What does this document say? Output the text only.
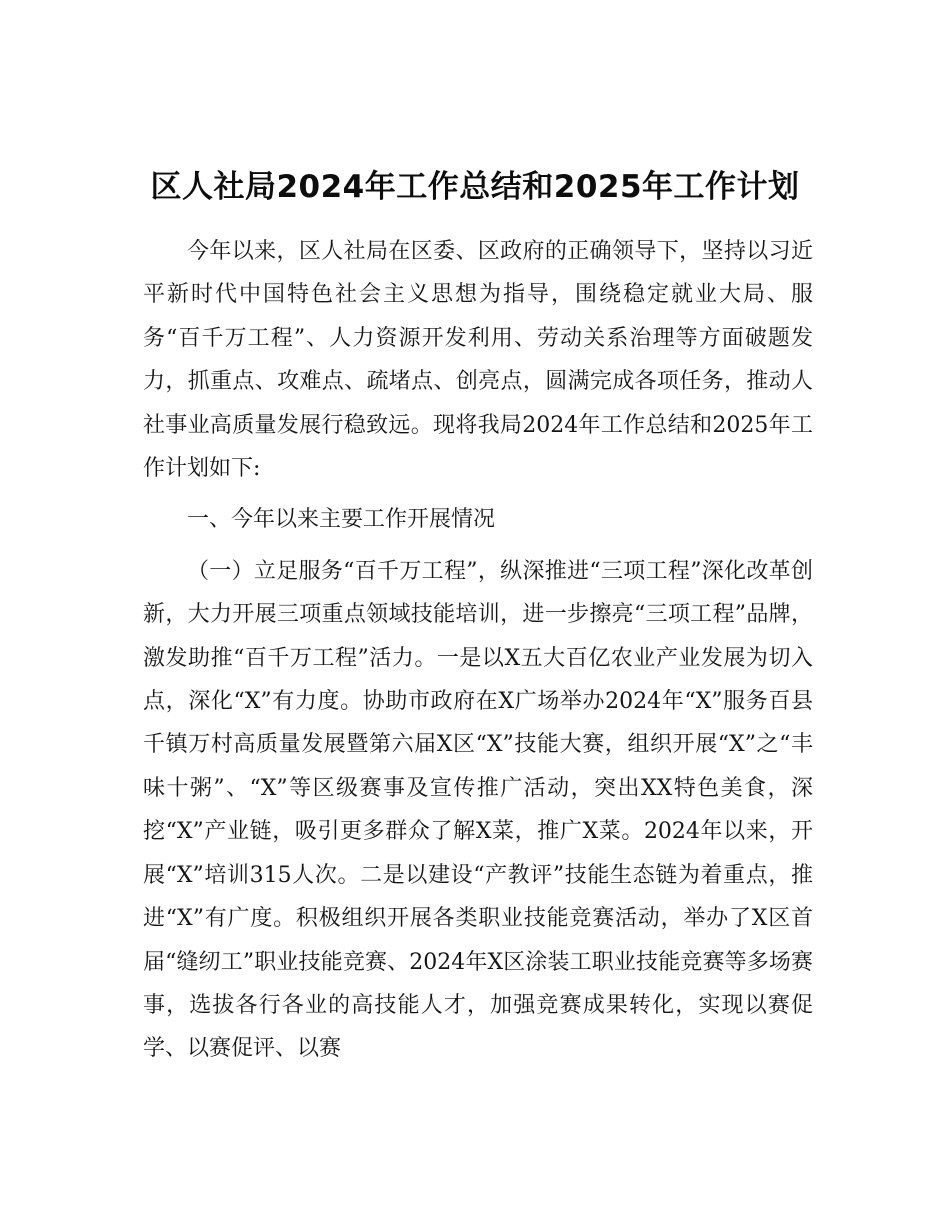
区人社局2024年工作总结和2025年工作计划

今年以来，区人社局在区委、区政府的正确领导下，坚持以习近平新时代中国特色社会主义思想为指导，围绕稳定就业大局、服务“百千万工程”、人力资源开发利用、劳动关系治理等方面破题发力，抓重点、攻难点、疏堵点、创亮点，圆满完成各项任务，推动人社事业高质量发展行稳致远。现将我局2024年工作总结和2025年工作计划如下:

一、今年以来主要工作开展情况

（一）立足服务“百千万工程”，纵深推进“三项工程”深化改革创新，大力开展三项重点领域技能培训，进一步擦亮“三项工程”品牌，激发助推“百千万工程”活力。一是以X五大百亿农业产业发展为切入点，深化“X”有力度。协助市政府在X广场举办2024年“X”服务百县千镇万村高质量发展暨第六届X区“X”技能大赛，组织开展“X”之“丰味十粥”、“X”等区级赛事及宣传推广活动，突出XX特色美食，深挖“X”产业链，吸引更多群众了解X菜，推广X菜。2024年以来，开展“X”培训315人次。二是以建设“产教评”技能生态链为着重点，推进“X”有广度。积极组织开展各类职业技能竞赛活动，举办了X区首届“缝纫工”职业技能竞赛、2024年X区涂装工职业技能竞赛等多场赛事，选拔各行各业的高技能人才，加强竞赛成果转化，实现以赛促学、以赛促评、以赛
